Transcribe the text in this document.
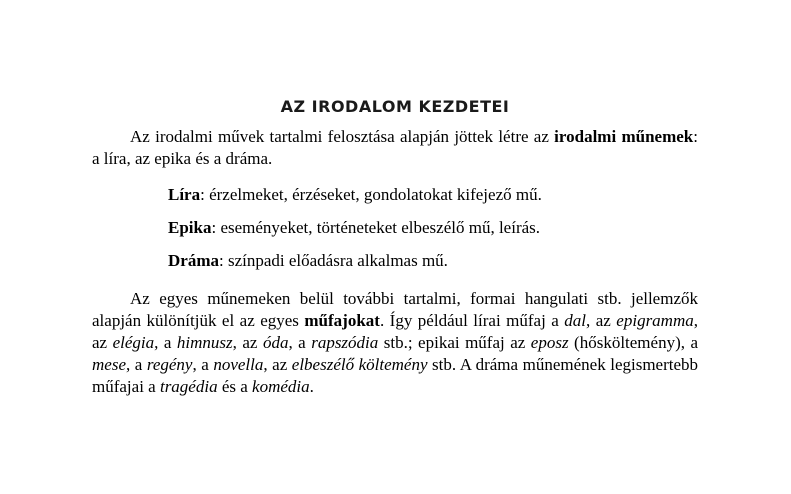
AZ IRODALOM KEZDETEI

Az irodalmi művek tartalmi felosztása alapján jöttek létre az irodalmi műnemek: a líra, az epika és a dráma.

Líra: érzelmeket, érzéseket, gondolatokat kifejező mű.

Epika: eseményeket, történeteket elbeszélő mű, leírás.

Dráma: színpadi előadásra alkalmas mű.

Az egyes műnemeken belül további tartalmi, formai hangulati stb. jellemzők alapján különítjük el az egyes műfajokat. Így például lírai műfaj a dal, az epigramma, az elégia, a himnusz, az óda, a rapszódia stb.; epikai műfaj az eposz (hősköltemény), a mese, a regény, a novella, az elbeszélő költemény stb. A dráma műnemének legismertebb műfajai a tragédia és a komédia.
